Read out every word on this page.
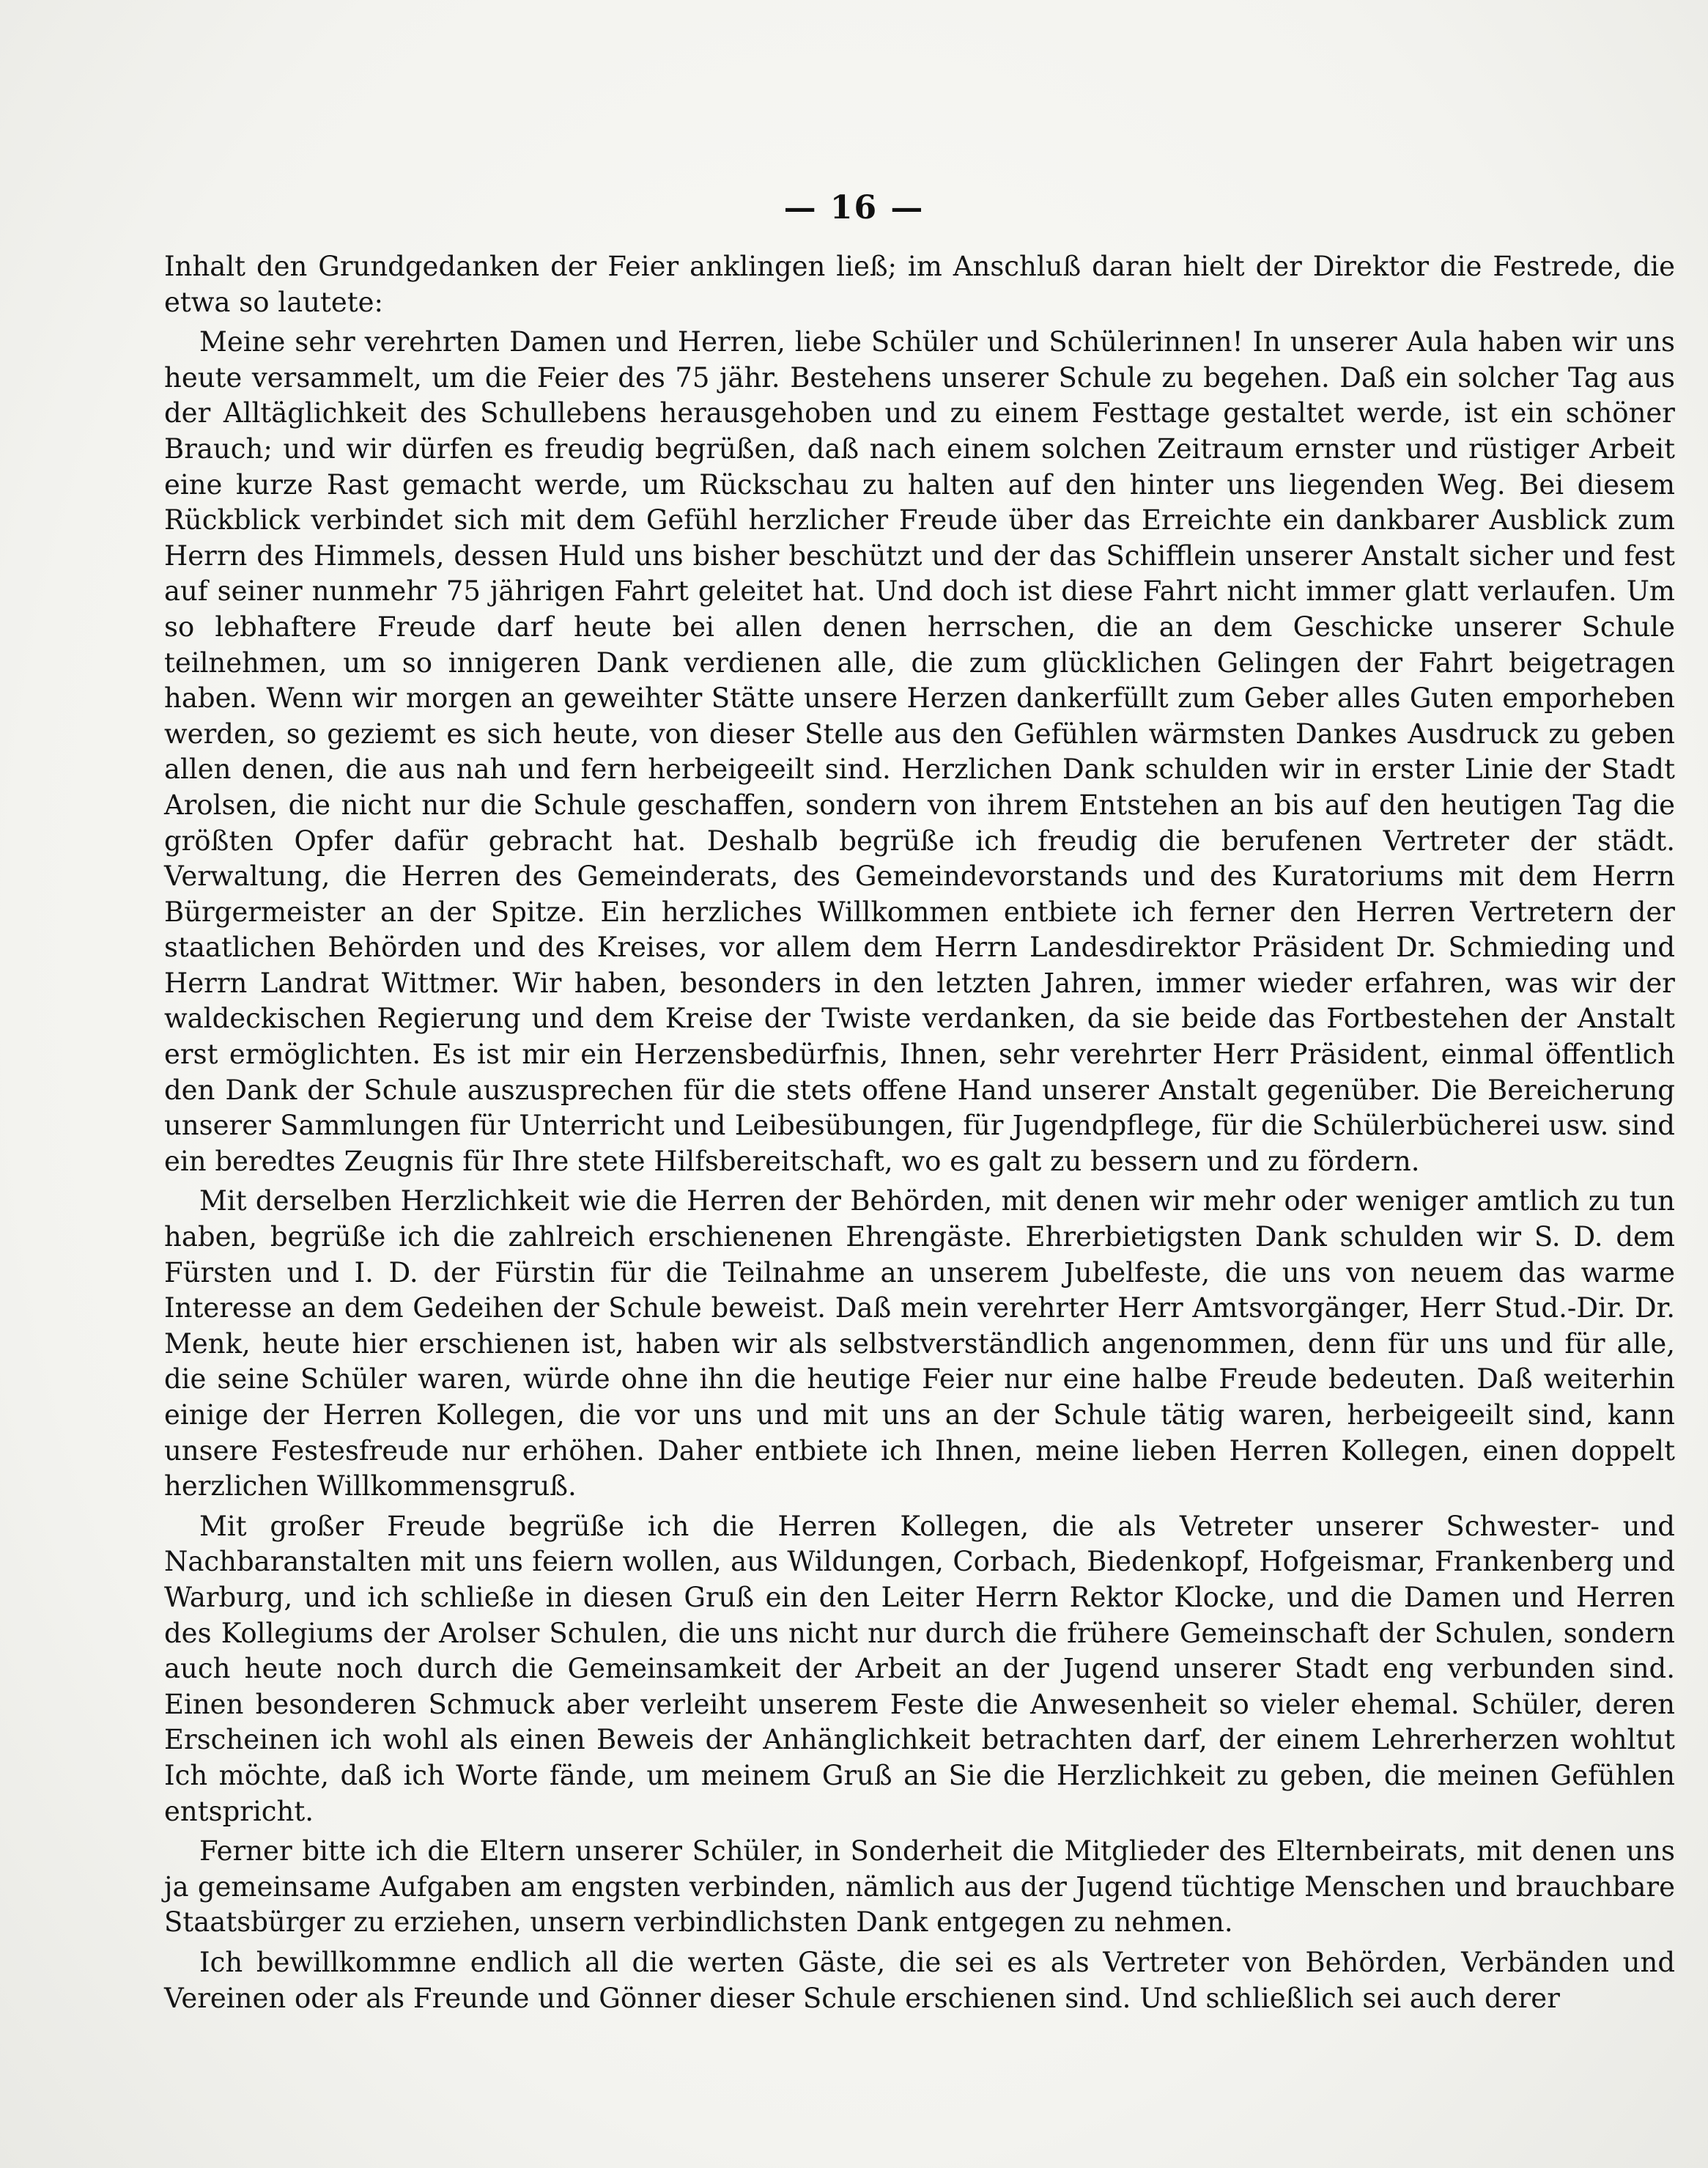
— 16 —

Inhalt den Grundgedanken der Feier anklingen ließ; im Anschluß daran hielt der Direktor die Festrede, die etwa so lautete:

Meine sehr verehrten Damen und Herren, liebe Schüler und Schülerinnen! In unserer Aula haben wir uns heute versammelt, um die Feier des 75 jähr. Bestehens unserer Schule zu begehen. Daß ein solcher Tag aus der Alltäglichkeit des Schullebens herausgehoben und zu einem Festtage gestaltet werde, ist ein schöner Brauch; und wir dürfen es freudig begrüßen, daß nach einem solchen Zeitraum ernster und rüstiger Arbeit eine kurze Rast gemacht werde, um Rückschau zu halten auf den hinter uns liegenden Weg. Bei diesem Rückblick verbindet sich mit dem Gefühl herzlicher Freude über das Erreichte ein dankbarer Ausblick zum Herrn des Himmels, dessen Huld uns bisher beschützt und der das Schifflein unserer Anstalt sicher und fest auf seiner nunmehr 75 jährigen Fahrt geleitet hat. Und doch ist diese Fahrt nicht immer glatt verlaufen. Um so lebhaftere Freude darf heute bei allen denen herrschen, die an dem Geschicke unserer Schule teilnehmen, um so innigeren Dank verdienen alle, die zum glücklichen Gelingen der Fahrt beigetragen haben. Wenn wir morgen an geweihter Stätte unsere Herzen dankerfüllt zum Geber alles Guten emporheben werden, so geziemt es sich heute, von dieser Stelle aus den Gefühlen wärmsten Dankes Ausdruck zu geben allen denen, die aus nah und fern herbeigeeilt sind. Herzlichen Dank schulden wir in erster Linie der Stadt Arolsen, die nicht nur die Schule geschaffen, sondern von ihrem Entstehen an bis auf den heutigen Tag die größten Opfer dafür gebracht hat. Deshalb begrüße ich freudig die berufenen Vertreter der städt. Verwaltung, die Herren des Gemeinderats, des Gemeindevorstands und des Kuratoriums mit dem Herrn Bürgermeister an der Spitze. Ein herzliches Willkommen entbiete ich ferner den Herren Vertretern der staatlichen Behörden und des Kreises, vor allem dem Herrn Landesdirektor Präsident Dr. Schmieding und Herrn Landrat Wittmer. Wir haben, besonders in den letzten Jahren, immer wieder erfahren, was wir der waldeckischen Regierung und dem Kreise der Twiste verdanken, da sie beide das Fortbestehen der Anstalt erst ermöglichten. Es ist mir ein Herzensbedürfnis, Ihnen, sehr verehrter Herr Präsident, einmal öffentlich den Dank der Schule auszusprechen für die stets offene Hand unserer Anstalt gegenüber. Die Bereicherung unserer Sammlungen für Unterricht und Leibesübungen, für Jugendpflege, für die Schülerbücherei usw. sind ein beredtes Zeugnis für Ihre stete Hilfsbereitschaft, wo es galt zu bessern und zu fördern.

Mit derselben Herzlichkeit wie die Herren der Behörden, mit denen wir mehr oder weniger amtlich zu tun haben, begrüße ich die zahlreich erschienenen Ehrengäste. Ehrerbietigsten Dank schulden wir S. D. dem Fürsten und I. D. der Fürstin für die Teilnahme an unserem Jubelfeste, die uns von neuem das warme Interesse an dem Gedeihen der Schule beweist. Daß mein verehrter Herr Amtsvorgänger, Herr Stud.-Dir. Dr. Menk, heute hier erschienen ist, haben wir als selbstverständlich angenommen, denn für uns und für alle, die seine Schüler waren, würde ohne ihn die heutige Feier nur eine halbe Freude bedeuten. Daß weiterhin einige der Herren Kollegen, die vor uns und mit uns an der Schule tätig waren, herbeigeeilt sind, kann unsere Festesfreude nur erhöhen. Daher entbiete ich Ihnen, meine lieben Herren Kollegen, einen doppelt herzlichen Willkommensgruß.

Mit großer Freude begrüße ich die Herren Kollegen, die als Vetreter unserer Schwester- und Nachbaranstalten mit uns feiern wollen, aus Wildungen, Corbach, Biedenkopf, Hofgeismar, Frankenberg und Warburg, und ich schließe in diesen Gruß ein den Leiter Herrn Rektor Klocke, und die Damen und Herren des Kollegiums der Arolser Schulen, die uns nicht nur durch die frühere Gemeinschaft der Schulen, sondern auch heute noch durch die Gemeinsamkeit der Arbeit an der Jugend unserer Stadt eng verbunden sind. Einen besonderen Schmuck aber verleiht unserem Feste die Anwesenheit so vieler ehemal. Schüler, deren Erscheinen ich wohl als einen Beweis der Anhänglichkeit betrachten darf, der einem Lehrerherzen wohltut Ich möchte, daß ich Worte fände, um meinem Gruß an Sie die Herzlichkeit zu geben, die meinen Gefühlen entspricht.

Ferner bitte ich die Eltern unserer Schüler, in Sonderheit die Mitglieder des Elternbeirats, mit denen uns ja gemeinsame Aufgaben am engsten verbinden, nämlich aus der Jugend tüchtige Menschen und brauchbare Staatsbürger zu erziehen, unsern verbindlichsten Dank entgegen zu nehmen.

Ich bewillkommne endlich all die werten Gäste, die sei es als Vertreter von Behörden, Verbänden und Vereinen oder als Freunde und Gönner dieser Schule erschienen sind. Und schließlich sei auch derer
